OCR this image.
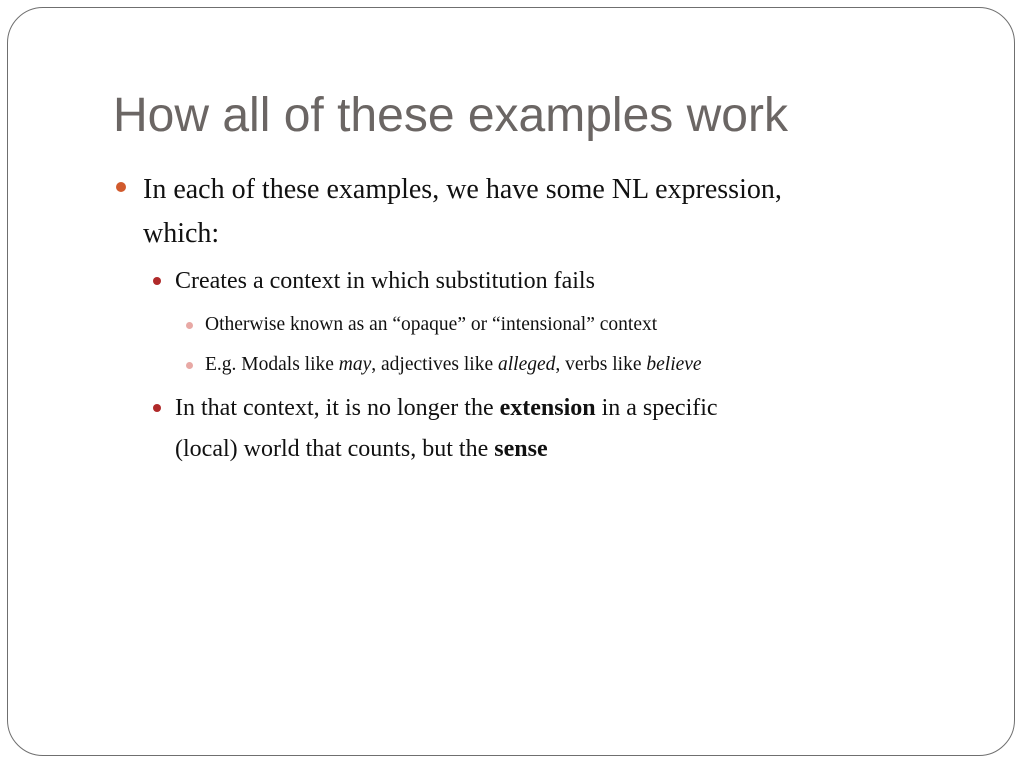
How all of these examples work
In each of these examples, we have some NL expression,
which:
Creates a context in which substitution fails
Otherwise known as an “opaque” or “intensional” context
E.g. Modals like may, adjectives like alleged, verbs like believe
In that context, it is no longer the extension in a specific
(local) world that counts, but the sense
